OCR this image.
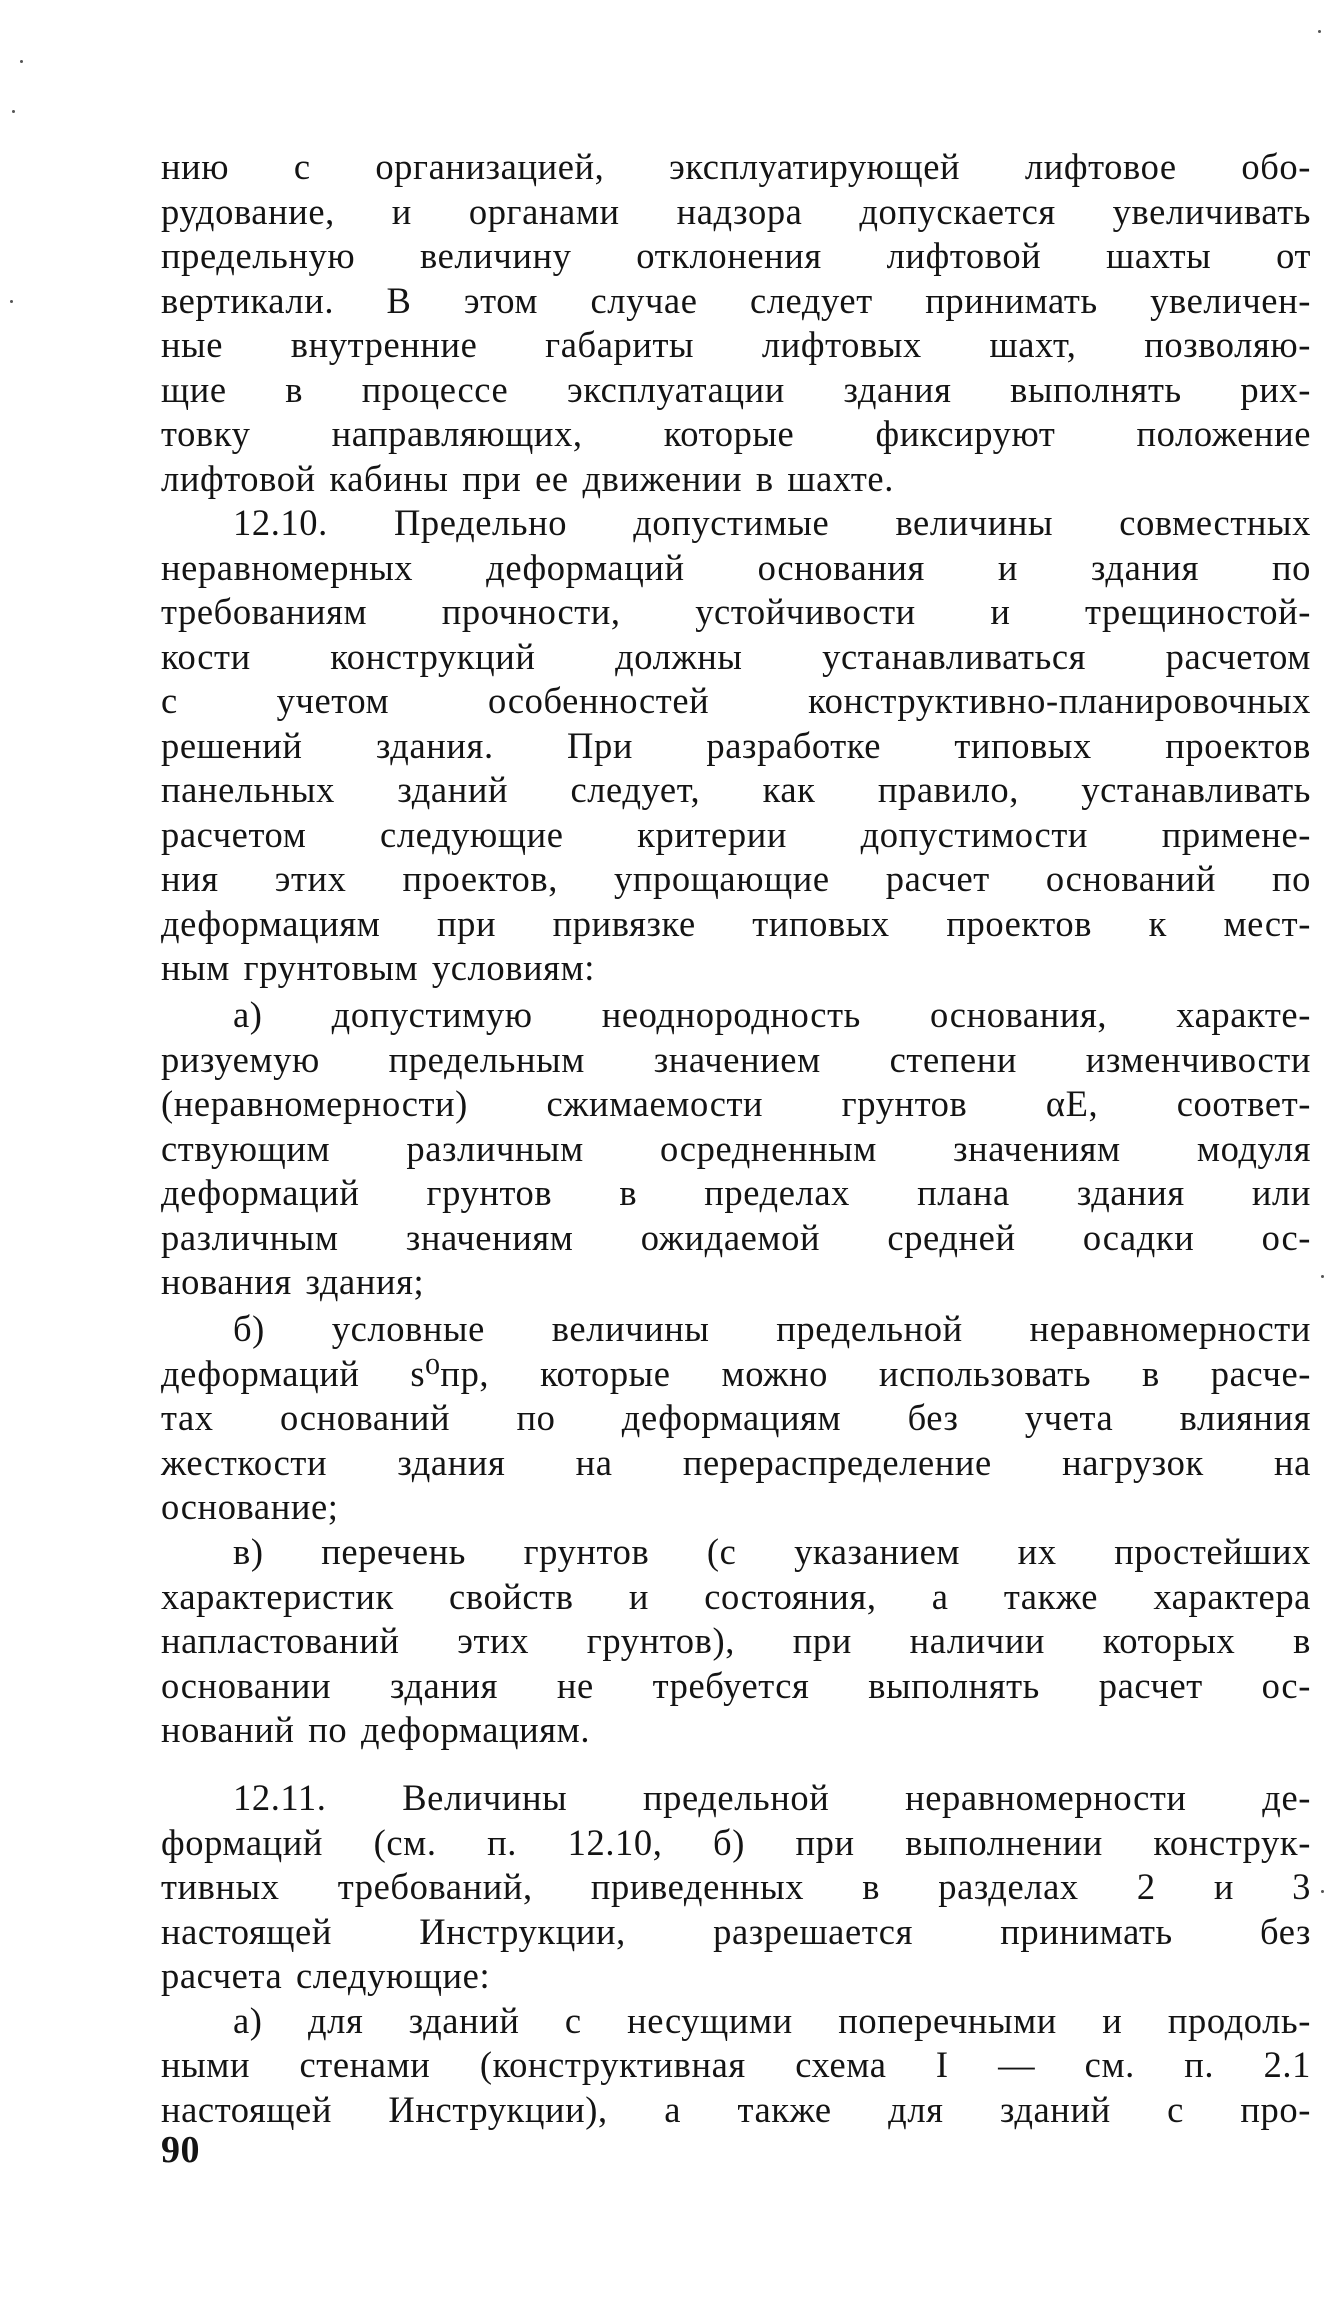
нию с организацией, эксплуатирующей лифтовое обо-
рудование, и органами надзора допускается увеличивать
предельную величину отклонения лифтовой шахты от
вертикали. В этом случае следует принимать увеличен-
ные внутренние габариты лифтовых шахт, позволяю-
щие в процессе эксплуатации здания выполнять рих-
товку направляющих, которые фиксируют положение
лифтовой кабины при ее движении в шахте.
12.10. Предельно допустимые величины совместных
неравномерных деформаций основания и здания по
требованиям прочности, устойчивости и трещиностой-
кости конструкций должны устанавливаться расчетом
с учетом особенностей конструктивно-планировочных
решений здания. При разработке типовых проектов
панельных зданий следует, как правило, устанавливать
расчетом следующие критерии допустимости примене-
ния этих проектов, упрощающие расчет оснований по
деформациям при привязке типовых проектов к мест-
ным грунтовым условиям:
а) допустимую неоднородность основания, характе-
ризуемую предельным значением степени изменчивости
(неравномерности) сжимаемости грунтов αE, соответ-
ствующим различным осредненным значениям модуля
деформаций грунтов в пределах плана здания или
различным значениям ожидаемой средней осадки ос-
нования здания;
б) условные величины предельной неравномерности
деформаций s⁰пр, которые можно использовать в расче-
тах оснований по деформациям без учета влияния
жесткости здания на перераспределение нагрузок на
основание;
в) перечень грунтов (с указанием их простейших
характеристик свойств и состояния, а также характера
напластований этих грунтов), при наличии которых в
основании здания не требуется выполнять расчет ос-
нований по деформациям.
12.11. Величины предельной неравномерности де-
формаций (см. п. 12.10, б) при выполнении конструк-
тивных требований, приведенных в разделах 2 и 3
настоящей Инструкции, разрешается принимать без
расчета следующие:
а) для зданий с несущими поперечными и продоль-
ными стенами (конструктивная схема I — см. п. 2.1
настоящей Инструкции), а также для зданий с про-
90
